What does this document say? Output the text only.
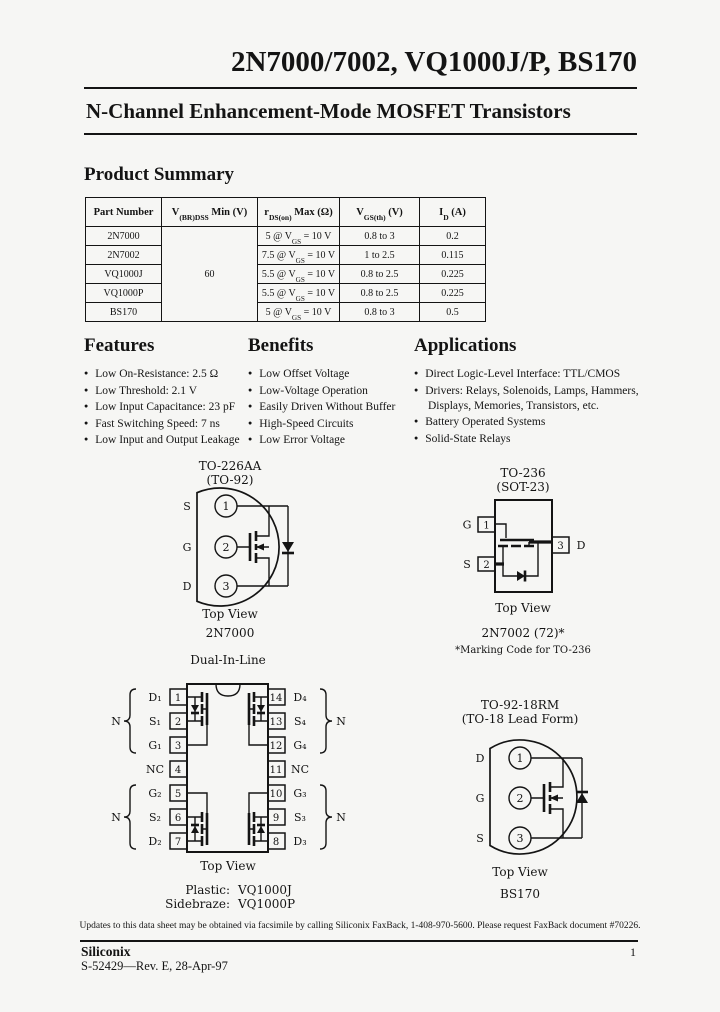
2N7000/7002, VQ1000J/P, BS170
N-Channel Enhancement-Mode MOSFET Transistors
Product Summary
Part Number	$V_{(BR)DSS}$ Min (V)	$r_{DS(on)}$ Max (Ω)	$V_{GS(th)}$ (V)	$I_D$ (A)
2N7000	60	5 @ $V_{GS} = 10$ V	0.8 to 3	0.2
2N7002		7.5 @ $V_{GS} = 10$ V	1 to 2.5	0.115
VQ1000J		5.5 @ $V_{GS} = 10$ V	0.8 to 2.5	0.225
VQ1000P		5.5 @ $V_{GS} = 10$ V	0.8 to 2.5	0.225
BS170		5 @ $V_{GS} = 10$ V	0.8 to 3	0.5
Features
● Low On-Resistance: 2.5 Ω
● Low Threshold: 2.1 V
● Low Input Capacitance: 23 pF
● Fast Switching Speed: 7 ns
● Low Input and Output Leakage
Benefits
● Low Offset Voltage
● Low-Voltage Operation
● Easily Driven Without Buffer
● High-Speed Circuits
● Low Error Voltage
Applications
● Direct Logic-Level Interface: TTL/CMOS
● Drivers: Relays, Solenoids, Lamps, Hammers, Displays, Memories, Transistors, etc.
● Battery Operated Systems
● Solid-State Relays
TO-226AA
(TO-92)
1
2
3
S
G
D
Top View
2N7000
TO-236
(SOT-23)
1
2
3
G
S
D
Top View
2N7002 (72)*
*Marking Code for TO-236
Dual-In-Line
1
2
3
4
5
6
7
14
13
12
11
10
9
8
D₁
S₁
G₁
NC
G₂
S₂
D₂
D₄
S₄
G₄
NC
G₃
S₃
D₃
N
N
N
N
Top View
Plastic: VQ1000J
Sidebraze: VQ1000P
TO-92-18RM
(TO-18 Lead Form)
1
2
3
D
G
S
Top View
BS170
Updates to this data sheet may be obtained via facsimile by calling Siliconix FaxBack, 1-408-970-5600. Please request FaxBack document #70226.
Siliconix	1
S-52429—Rev. E, 28-Apr-97
